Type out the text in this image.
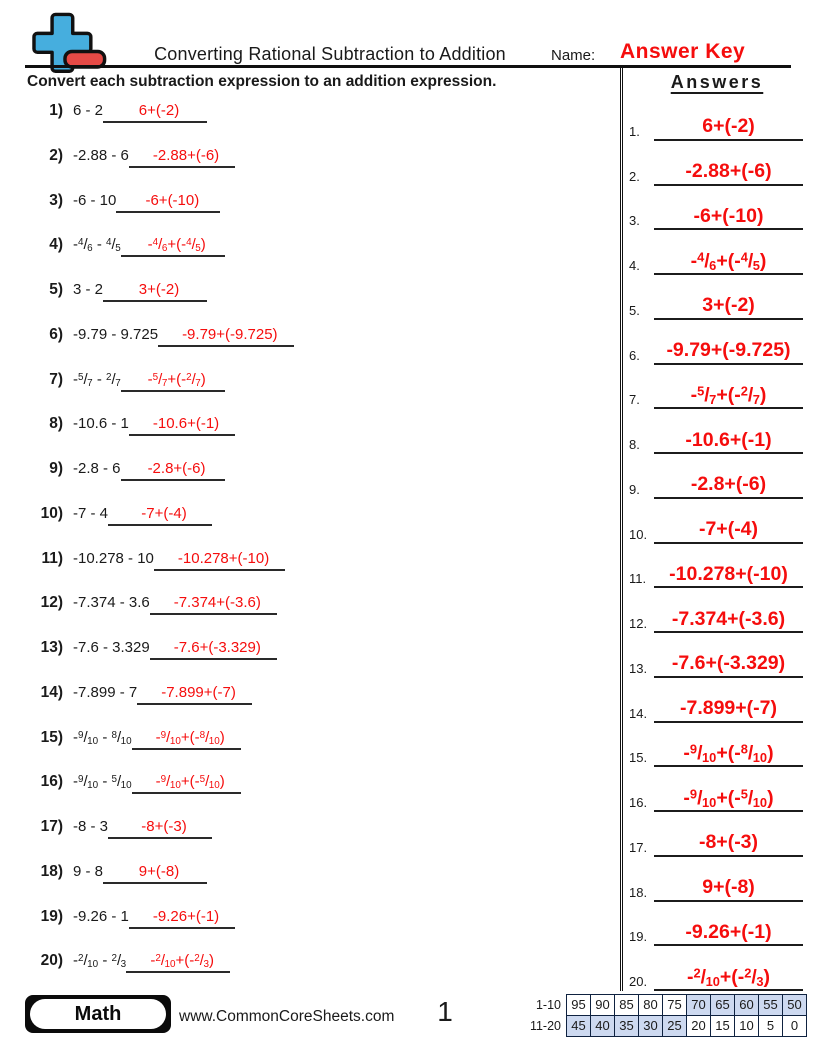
Converting Rational Subtraction to Addition	Name: Answer Key
Convert each subtraction expression to an addition expression.	Answers
1) 6 - 2	6+(-2)
2) -2.88 - 6	-2.88+(-6)
3) -6 - 10	-6+(-10)
4) $-^4/_6 - ^4/_5$	$-^4/_6+(-^4/_5)$
5) 3 - 2	3+(-2)
6) -9.79 - 9.725	-9.79+(-9.725)
7) $-^5/_7 - ^2/_7$	$-^5/_7+(-^2/_7)$
8) -10.6 - 1	-10.6+(-1)
9) -2.8 - 6	-2.8+(-6)
10) -7 - 4	-7+(-4)
11) -10.278 - 10	-10.278+(-10)
12) -7.374 - 3.6	-7.374+(-3.6)
13) -7.6 - 3.329	-7.6+(-3.329)
14) -7.899 - 7	-7.899+(-7)
15) $-^9/_{10} - ^8/_{10}$	$-^9/_{10}+(-^8/_{10})$
16) $-^9/_{10} - ^5/_{10}$	$-^9/_{10}+(-^5/_{10})$
17) -8 - 3	-8+(-3)
18) 9 - 8	9+(-8)
19) -9.26 - 1	-9.26+(-1)
20) $-^2/_{10} - ^2/_3$	$-^2/_{10}+(-^2/_3)$
1.	6+(-2)
2.	-2.88+(-6)
3.	-6+(-10)
4.	$-^4/_6+(-^4/_5)$
5.	3+(-2)
6.	-9.79+(-9.725)
7.	$-^5/_7+(-^2/_7)$
8.	-10.6+(-1)
9.	-2.8+(-6)
10.	-7+(-4)
11.	-10.278+(-10)
12.	-7.374+(-3.6)
13.	-7.6+(-3.329)
14.	-7.899+(-7)
15.	$-^9/_{10}+(-^8/_{10})$
16.	$-^9/_{10}+(-^5/_{10})$
17.	-8+(-3)
18.	9+(-8)
19.	-9.26+(-1)
20.	$-^2/_{10}+(-^2/_3)$
Math	www.CommonCoreSheets.com	1	1-10	95	90	85	80	75	70	65	60	55	50
11-20	45	40	35	30	25	20	15	10	5	0
